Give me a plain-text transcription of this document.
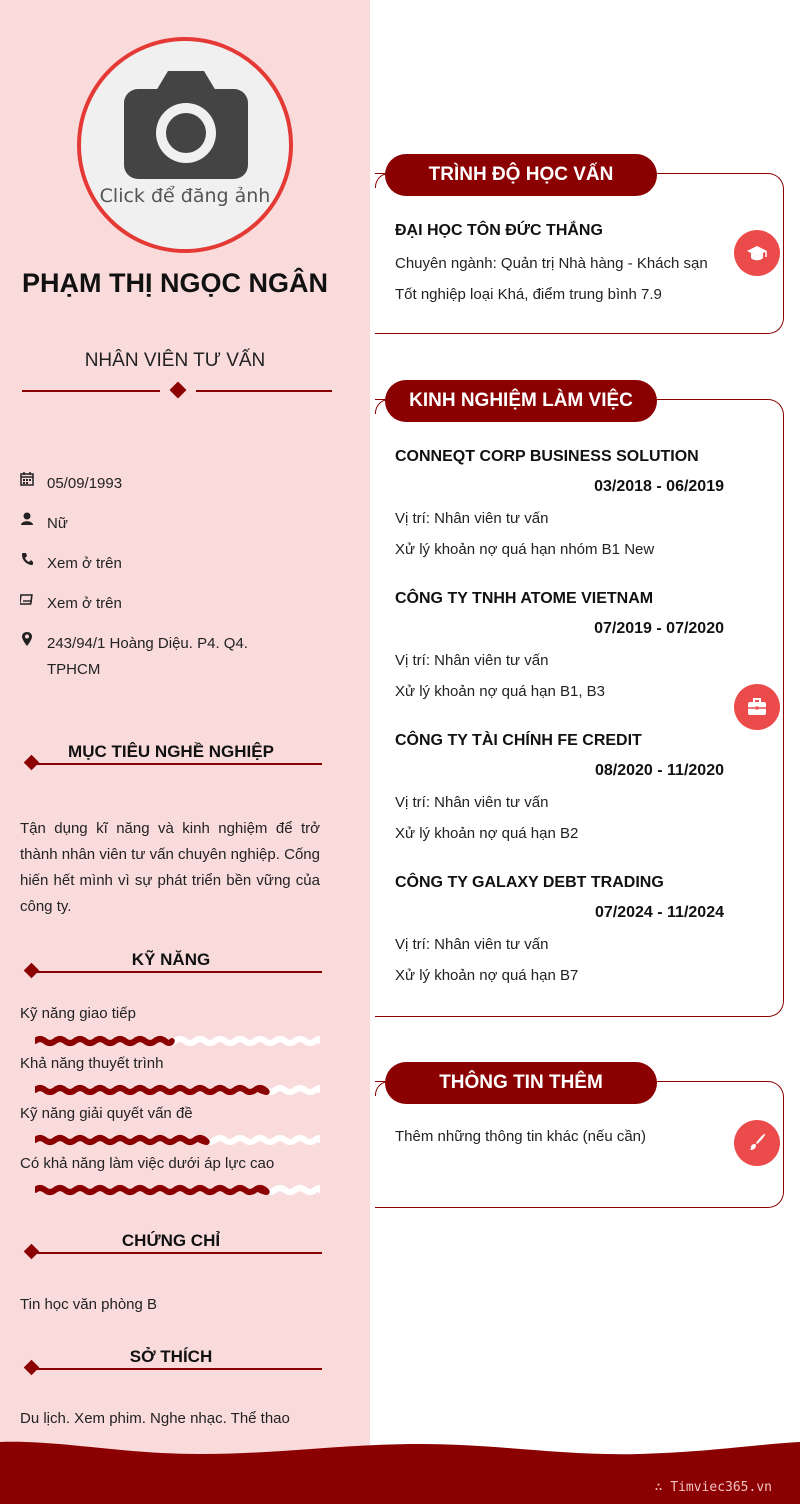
Click để đăng ảnh
PHẠM THỊ NGỌC NGÂN
NHÂN VIÊN TƯ VẤN
05/09/1993
Nữ
Xem ở trên
Xem ở trên
243/94/1 Hoàng Diệu. P4. Q4. TPHCM
MỤC TIÊU NGHỀ NGHIỆP
Tận dụng kĩ năng và kinh nghiệm để trở thành nhân viên tư vấn chuyên nghiệp. Cống hiến hết mình vì sự phát triển bền vững của công ty.
KỸ NĂNG
Kỹ năng giao tiếp
Khả năng thuyết trình
Kỹ năng giải quyết vấn đề
Có khả năng làm việc dưới áp lực cao
CHỨNG CHỈ
Tin học văn phòng B
SỞ THÍCH
Du lịch. Xem phim. Nghe nhạc. Thể thao
TRÌNH ĐỘ HỌC VẤN
ĐẠI HỌC TÔN ĐỨC THẮNG
Chuyên ngành: Quản trị Nhà hàng - Khách sạn
Tốt nghiệp loại Khá, điểm trung bình 7.9
KINH NGHIỆM LÀM VIỆC
CONNEQT CORP BUSINESS SOLUTION
03/2018 - 06/2019
Vị trí: Nhân viên tư vấn
Xử lý khoản nợ quá hạn nhóm B1 New
CÔNG TY TNHH ATOME VIETNAM
07/2019 - 07/2020
Vị trí: Nhân viên tư vấn
Xử lý khoản nợ quá hạn B1, B3
CÔNG TY TÀI CHÍNH FE CREDIT
08/2020 - 11/2020
Vị trí: Nhân viên tư vấn
Xử lý khoản nợ quá hạn B2
CÔNG TY GALAXY DEBT TRADING
07/2024 - 11/2024
Vị trí: Nhân viên tư vấn
Xử lý khoản nợ quá hạn B7
THÔNG TIN THÊM
Thêm những thông tin khác (nếu cần)
∴ Timviec365.vn
